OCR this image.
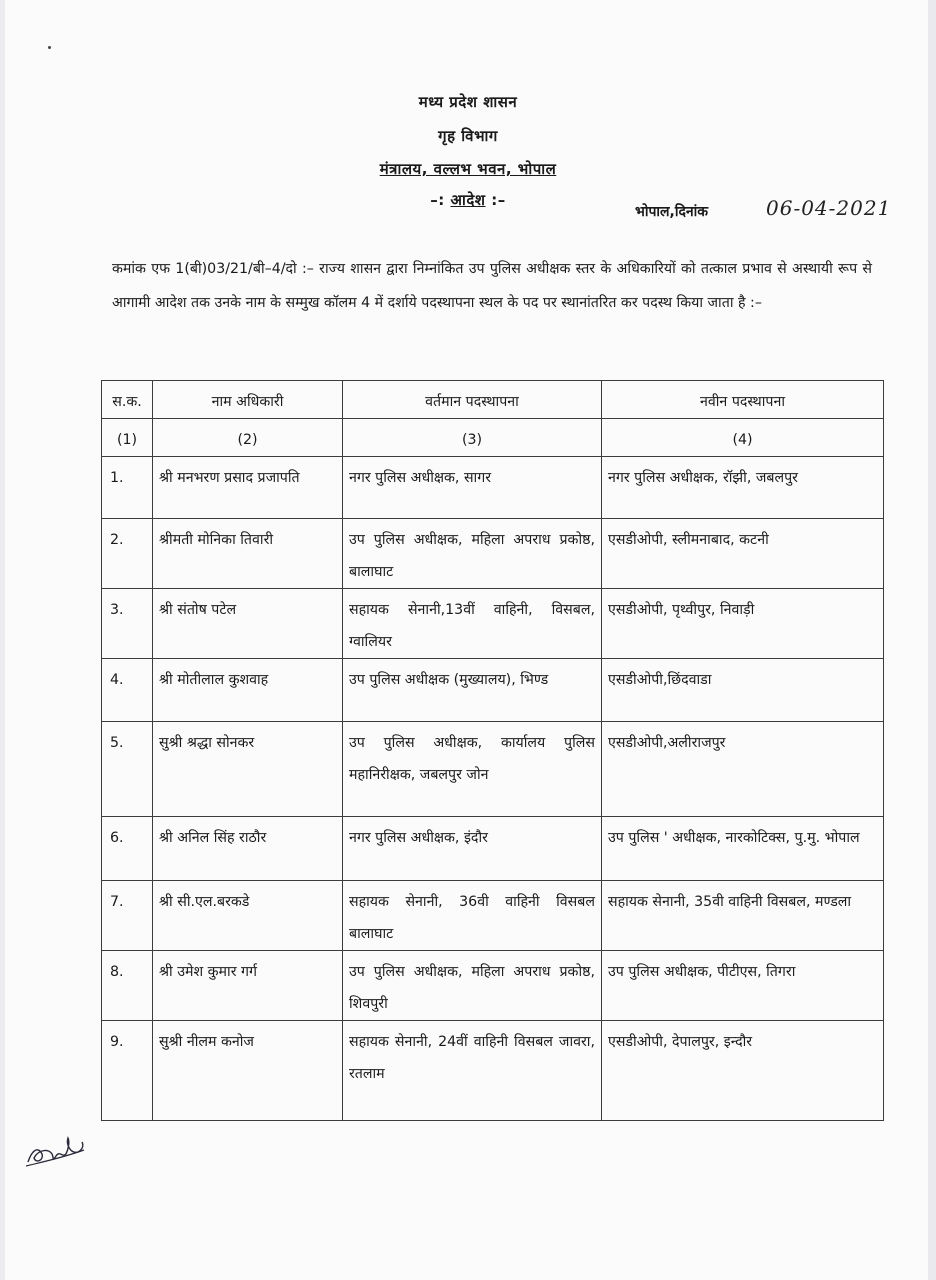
मध्य प्रदेश शासन
गृह विभाग
मंत्रालय, वल्लभ भवन, भोपाल
–: आदेश :–
भोपाल,दिनांक	06-04-2021
कमांक एफ 1(बी)03/21/बी–4/दो :– राज्य शासन द्वारा निम्नांकित उप पुलिस अधीक्षक स्तर के अधिकारियों को तत्काल प्रभाव से अस्थायी रूप से आगामी आदेश तक उनके नाम के सम्मुख कॉलम 4 में दर्शाये पदस्थापना स्थल के पद पर स्थानांतरित कर पदस्थ किया जाता है :–
स.क.	नाम अधिकारी	वर्तमान पदस्थापना	नवीन पदस्थापना
(1)	(2)	(3)	(4)
1.	श्री मनभरण प्रसाद प्रजापति	नगर पुलिस अधीक्षक, सागर	नगर पुलिस अधीक्षक, रॉझी, जबलपुर
2.	श्रीमती मोनिका तिवारी	उप पुलिस अधीक्षक, महिला अपराध प्रकोष्ठ, बालाघाट	एसडीओपी, स्लीमनाबाद, कटनी
3.	श्री संतोष पटेल	सहायक सेनानी,13वीं वाहिनी, विसबल, ग्वालियर	एसडीओपी, पृथ्वीपुर, निवाड़ी
4.	श्री मोतीलाल कुशवाह	उप पुलिस अधीक्षक (मुख्यालय), भिण्ड	एसडीओपी,छिंदवाडा
5.	सुश्री श्रद्धा सोनकर	उप पुलिस अधीक्षक, कार्यालय पुलिस महानिरीक्षक, जबलपुर जोन	एसडीओपी,अलीराजपुर
6.	श्री अनिल सिंह राठौर	नगर पुलिस अधीक्षक, इंदौर	उप पुलिस ' अधीक्षक, नारकोटिक्स, पु.मु. भोपाल
7.	श्री सी.एल.बरकडे	सहायक सेनानी, 36वी वाहिनी विसबल बालाघाट	सहायक सेनानी, 35वी वाहिनी विसबल, मण्डला
8.	श्री उमेश कुमार गर्ग	उप पुलिस अधीक्षक, महिला अपराध प्रकोष्ठ, शिवपुरी	उप पुलिस अधीक्षक, पीटीएस, तिगरा
9.	सुश्री नीलम कनोज	सहायक सेनानी, 24वीं वाहिनी विसबल जावरा, रतलाम	एसडीओपी, देपालपुर, इन्दौर
